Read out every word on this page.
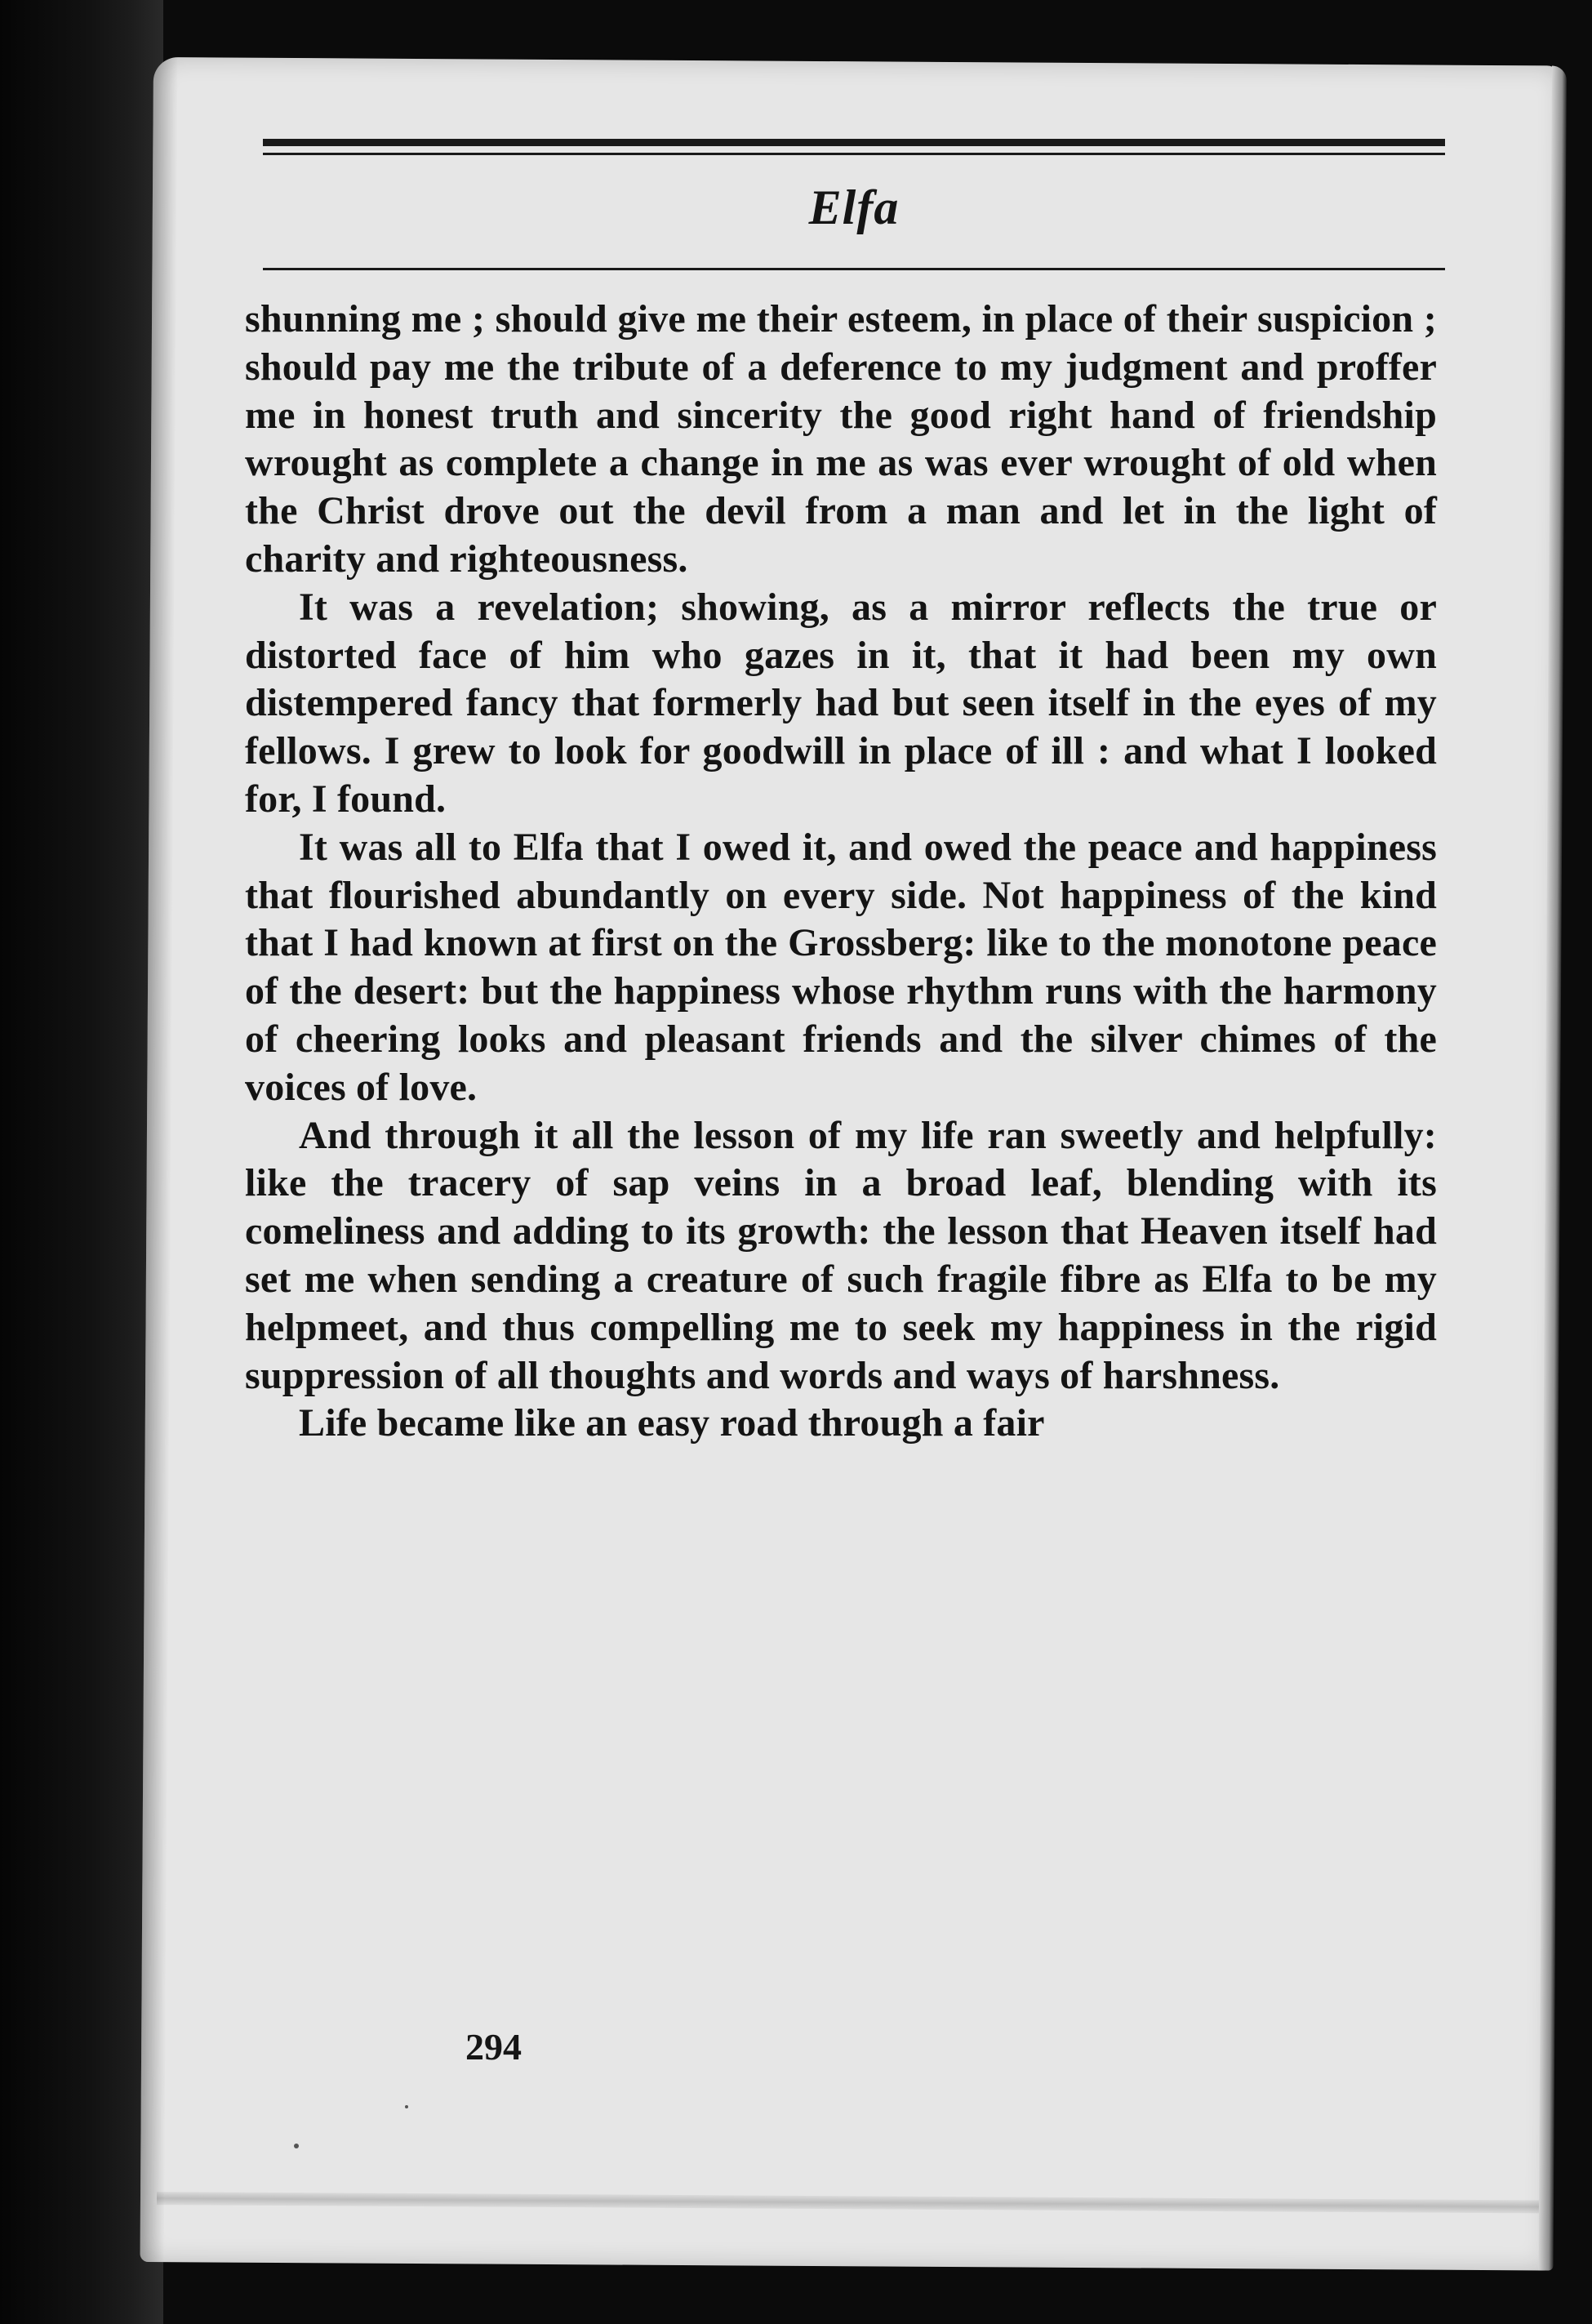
Elfa

shunning me ; should give me their esteem, in place of their suspicion ; should pay me the tribute of a deference to my judgment and proffer me in honest truth and sincerity the good right hand of friendship wrought as complete a change in me as was ever wrought of old when the Christ drove out the devil from a man and let in the light of charity and righteousness.

It was a revelation; showing, as a mirror reflects the true or distorted face of him who gazes in it, that it had been my own distempered fancy that formerly had but seen itself in the eyes of my fellows. I grew to look for goodwill in place of ill : and what I looked for, I found.

It was all to Elfa that I owed it, and owed the peace and happiness that flourished abundantly on every side. Not happiness of the kind that I had known at first on the Grossberg: like to the monotone peace of the desert: but the happiness whose rhythm runs with the harmony of cheering looks and pleasant friends and the silver chimes of the voices of love.

And through it all the lesson of my life ran sweetly and helpfully: like the tracery of sap veins in a broad leaf, blending with its comeliness and adding to its growth: the lesson that Heaven itself had set me when sending a creature of such fragile fibre as Elfa to be my helpmeet, and thus compelling me to seek my happiness in the rigid suppression of all thoughts and words and ways of harshness.

Life became like an easy road through a fair

294
